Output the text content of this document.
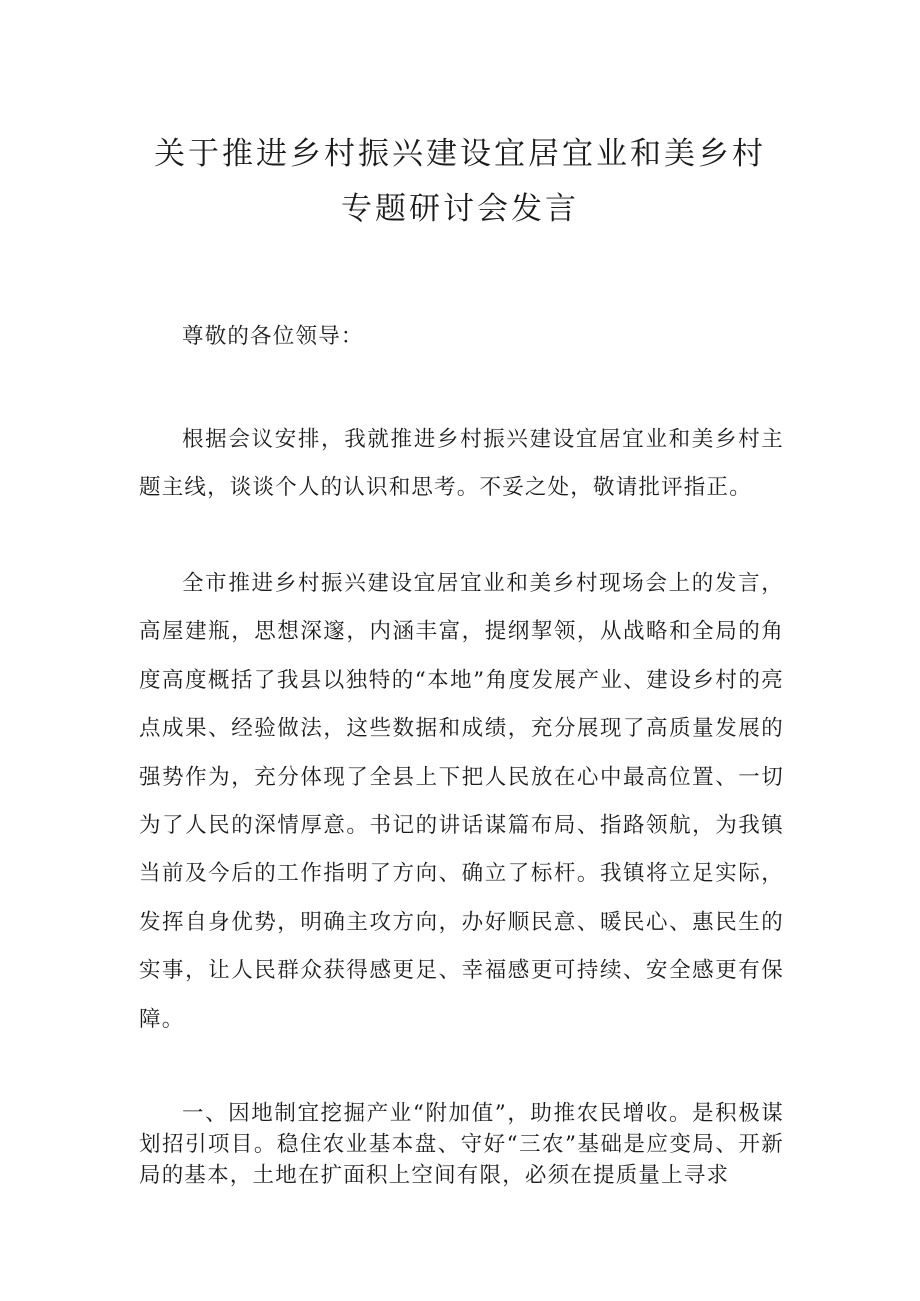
关于推进乡村振兴建设宜居宜业和美乡村
专题研讨会发言

尊敬的各位领导：

根据会议安排，我就推进乡村振兴建设宜居宜业和美乡村主题主线，谈谈个人的认识和思考。不妥之处，敬请批评指正。

全市推进乡村振兴建设宜居宜业和美乡村现场会上的发言，高屋建瓶，思想深邃，内涵丰富，提纲挈领，从战略和全局的角度高度概括了我县以独特的“本地”角度发展产业、建设乡村的亮点成果、经验做法，这些数据和成绩，充分展现了高质量发展的强势作为，充分体现了全县上下把人民放在心中最高位置、一切为了人民的深情厚意。书记的讲话谋篇布局、指路领航，为我镇当前及今后的工作指明了方向、确立了标杆。我镇将立足实际，发挥自身优势，明确主攻方向，办好顺民意、暖民心、惠民生的实事，让人民群众获得感更足、幸福感更可持续、安全感更有保障。

一、因地制宜挖掘产业“附加值”，助推农民增收。是积极谋划招引项目。稳住农业基本盘、守好“三农”基础是应变局、开新局的基本，土地在扩面积上空间有限，必须在提质量上寻求
